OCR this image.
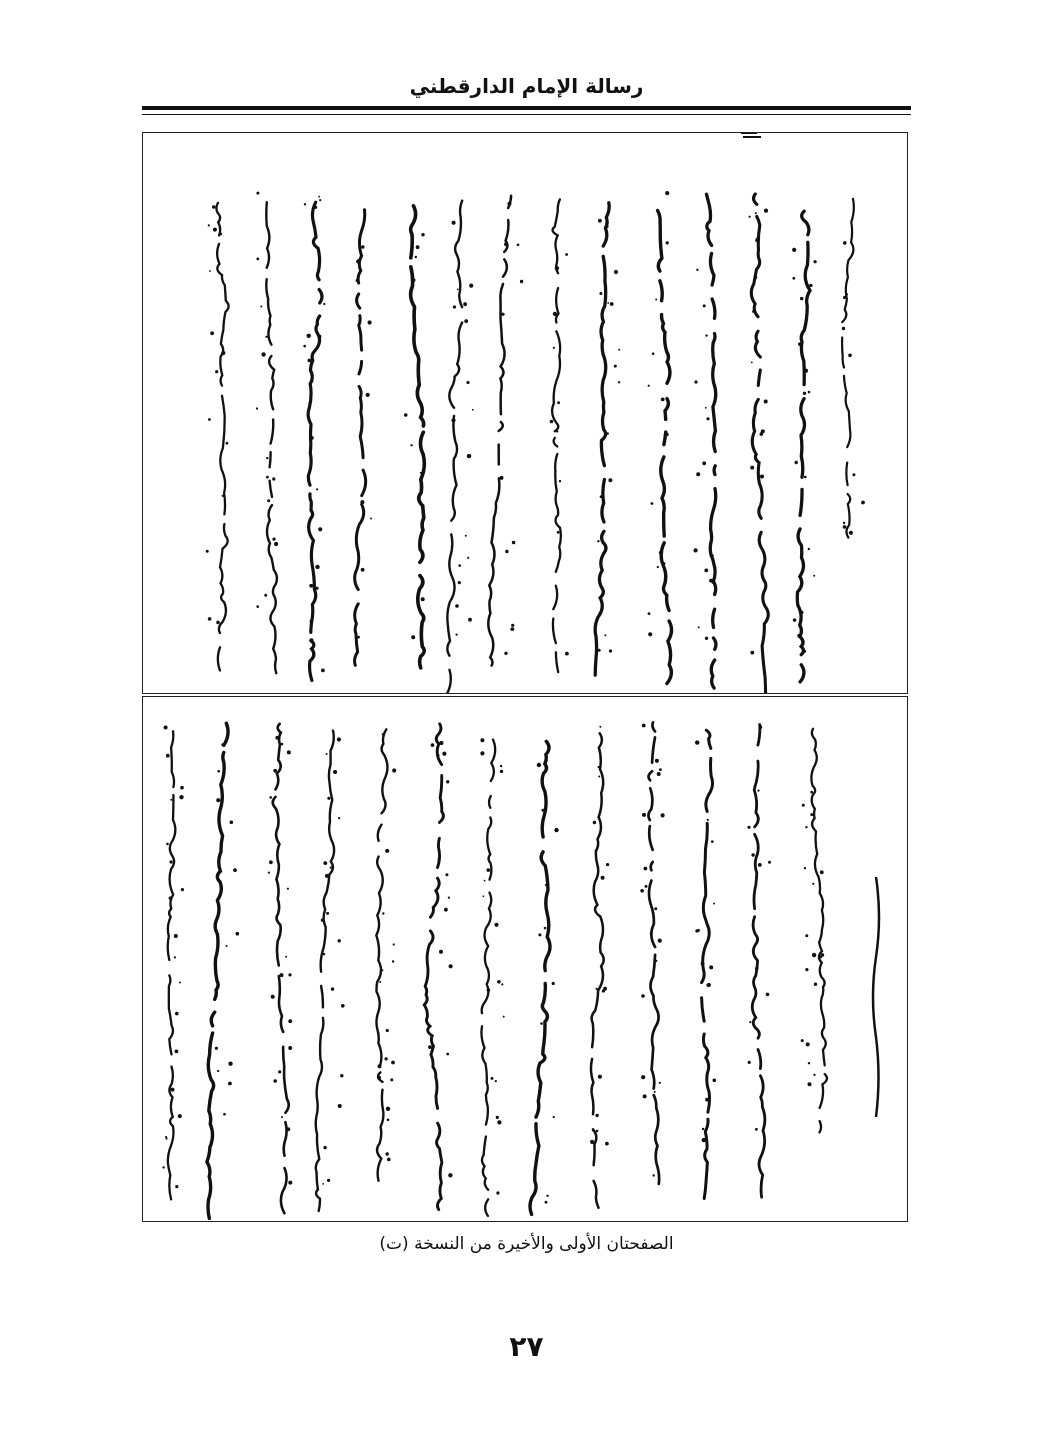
رسالة الإمام الدارقطني
الصفحتان الأولى والأخيرة من النسخة (ت)
٢٧
